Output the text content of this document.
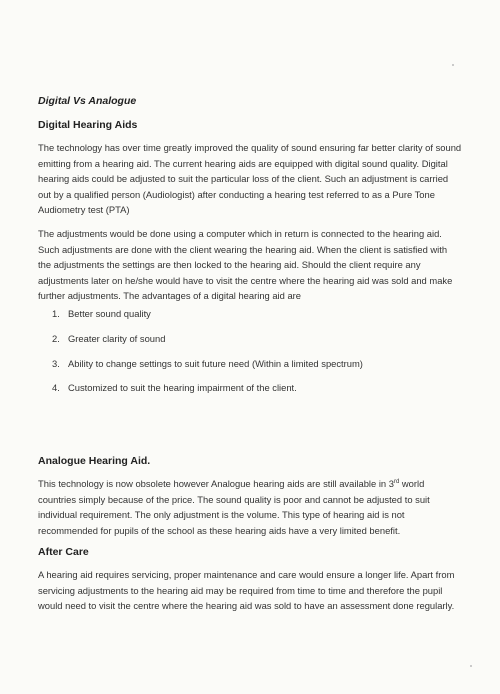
Digital Vs Analogue
Digital Hearing Aids
The technology has over time greatly improved the quality of sound ensuring far better clarity of sound emitting from a hearing aid. The current hearing aids are equipped with digital sound quality. Digital hearing aids could be adjusted to suit the particular loss of the client. Such an adjustment is carried out by a qualified person (Audiologist) after conducting a hearing test referred to as a Pure Tone Audiometry test (PTA)
The adjustments would be done using a computer which in return is connected to the hearing aid. Such adjustments are done with the client wearing the hearing aid. When the client is satisfied with the adjustments the settings are then locked to the hearing aid. Should the client require any adjustments later on he/she would have to visit the centre where the hearing aid was sold and make further adjustments. The advantages of a digital hearing aid are
1. Better sound quality
2. Greater clarity of sound
3. Ability to change settings to suit future need (Within a limited spectrum)
4. Customized to suit the hearing impairment of the client.
Analogue Hearing Aid.
This technology is now obsolete however Analogue hearing aids are still available in 3rd world countries simply because of the price. The sound quality is poor and cannot be adjusted to suit individual requirement. The only adjustment is the volume. This type of hearing aid is not recommended for pupils of the school as these hearing aids have a very limited benefit.
After Care
A hearing aid requires servicing, proper maintenance and care would ensure a longer life. Apart from servicing adjustments to the hearing aid may be required from time to time and therefore the pupil would need to visit the centre where the hearing aid was sold to have an assessment done regularly.
